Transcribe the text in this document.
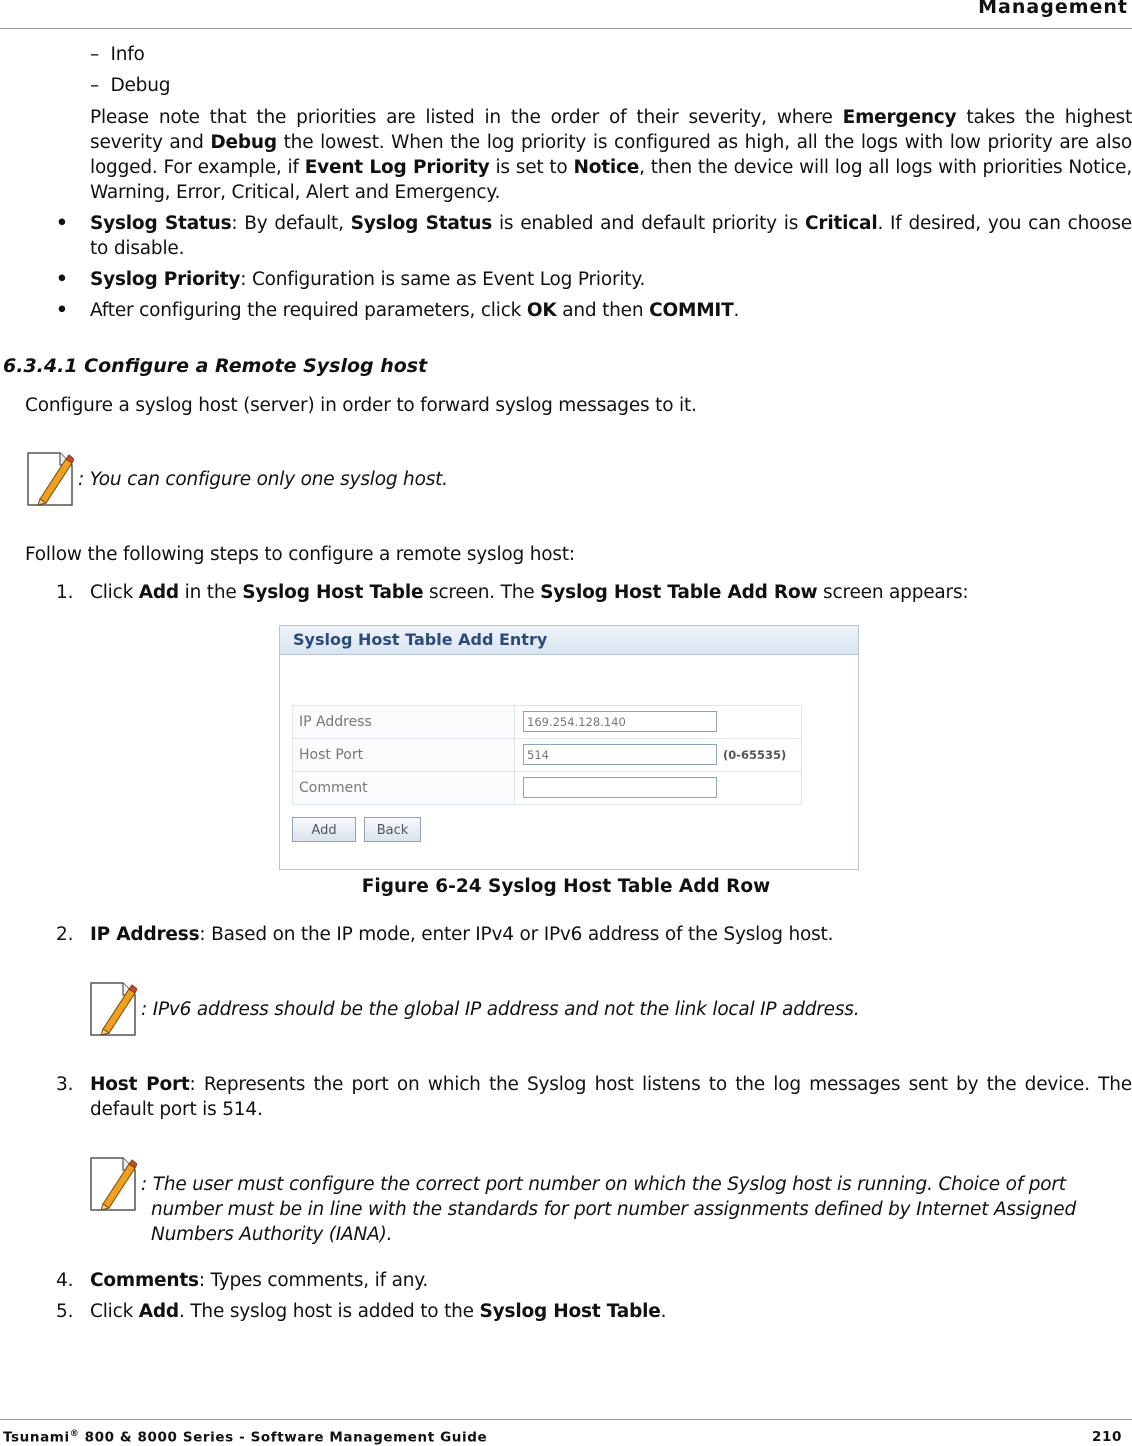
Management
– Info
– Debug
Please note that the priorities are listed in the order of their severity, where Emergency takes the highest severity and Debug the lowest. When the log priority is configured as high, all the logs with low priority are also logged. For example, if Event Log Priority is set to Notice, then the device will log all logs with priorities Notice, Warning, Error, Critical, Alert and Emergency.
•	Syslog Status: By default, Syslog Status is enabled and default priority is Critical. If desired, you can choose to disable.
•	Syslog Priority: Configuration is same as Event Log Priority.
•	After configuring the required parameters, click OK and then COMMIT.
6.3.4.1 Configure a Remote Syslog host
Configure a syslog host (server) in order to forward syslog messages to it.
: You can configure only one syslog host.
Follow the following steps to configure a remote syslog host:
1. Click Add in the Syslog Host Table screen. The Syslog Host Table Add Row screen appears:
Syslog Host Table Add Entry
IP Address	169.254.128.140
Host Port	514	(0-65535)
Comment
Add	Back
Figure 6-24 Syslog Host Table Add Row
2. IP Address: Based on the IP mode, enter IPv4 or IPv6 address of the Syslog host.
: IPv6 address should be the global IP address and not the link local IP address.
3. Host Port: Represents the port on which the Syslog host listens to the log messages sent by the device. The default port is 514.
: The user must configure the correct port number on which the Syslog host is running. Choice of port number must be in line with the standards for port number assignments defined by Internet Assigned Numbers Authority (IANA).
4. Comments: Types comments, if any.
5. Click Add. The syslog host is added to the Syslog Host Table.
Tsunami® 800 & 8000 Series - Software Management Guide	210
